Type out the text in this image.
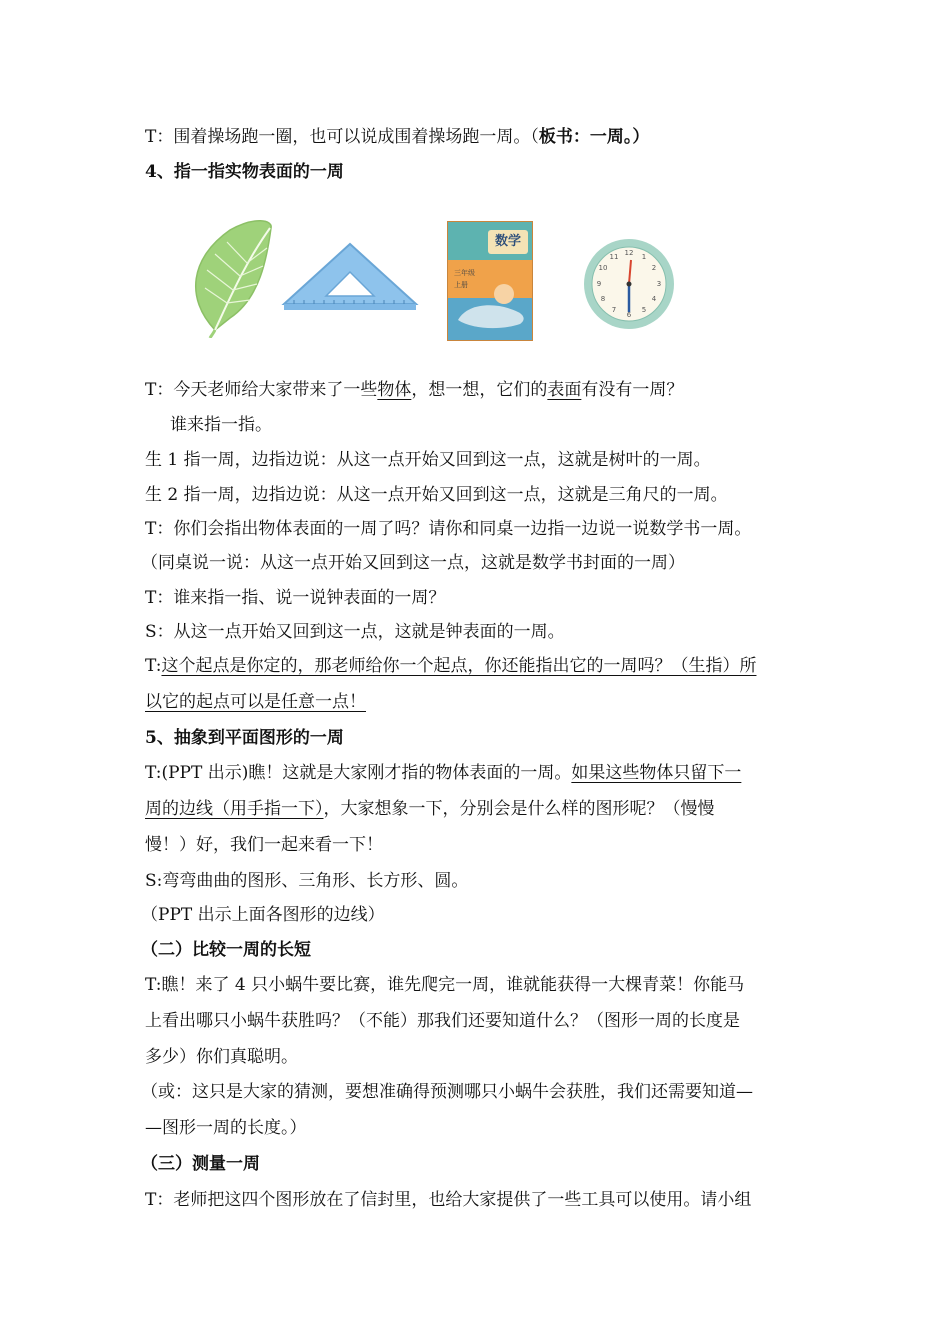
T：围着操场跑一圈，也可以说成围着操场跑一周。（板书：一周。）
4、指一指实物表面的一周
数学
三年级
上册
12 1
2
3
4
5
6
7
8
9
10
11
T：今天老师给大家带来了一些物体，想一想，它们的表面有没有一周？
谁来指一指。
生 1 指一周，边指边说：从这一点开始又回到这一点，这就是树叶的一周。
生 2 指一周，边指边说：从这一点开始又回到这一点，这就是三角尺的一周。
T：你们会指出物体表面的一周了吗？请你和同桌一边指一边说一说数学书一周。
（同桌说一说：从这一点开始又回到这一点，这就是数学书封面的一周）
T：谁来指一指、说一说钟表面的一周？
S：从这一点开始又回到这一点，这就是钟表面的一周。
T:这个起点是你定的，那老师给你一个起点，你还能指出它的一周吗？（生指）所
以它的起点可以是任意一点！
5、抽象到平面图形的一周
T:(PPT 出示)瞧！这就是大家刚才指的物体表面的一周。如果这些物体只留下一
周的边线（用手指一下），大家想象一下，分别会是什么样的图形呢？（慢慢
慢！）好，我们一起来看一下！
S:弯弯曲曲的图形、三角形、长方形、圆。
（PPT 出示上面各图形的边线）
（二）比较一周的长短
T:瞧！来了 4 只小蜗牛要比赛，谁先爬完一周，谁就能获得一大棵青菜！你能马
上看出哪只小蜗牛获胜吗？（不能）那我们还要知道什么？（图形一周的长度是
多少）你们真聪明。
（或：这只是大家的猜测，要想准确得预测哪只小蜗牛会获胜，我们还需要知道—
—图形一周的长度。）
（三）测量一周
T：老师把这四个图形放在了信封里，也给大家提供了一些工具可以使用。请小组
